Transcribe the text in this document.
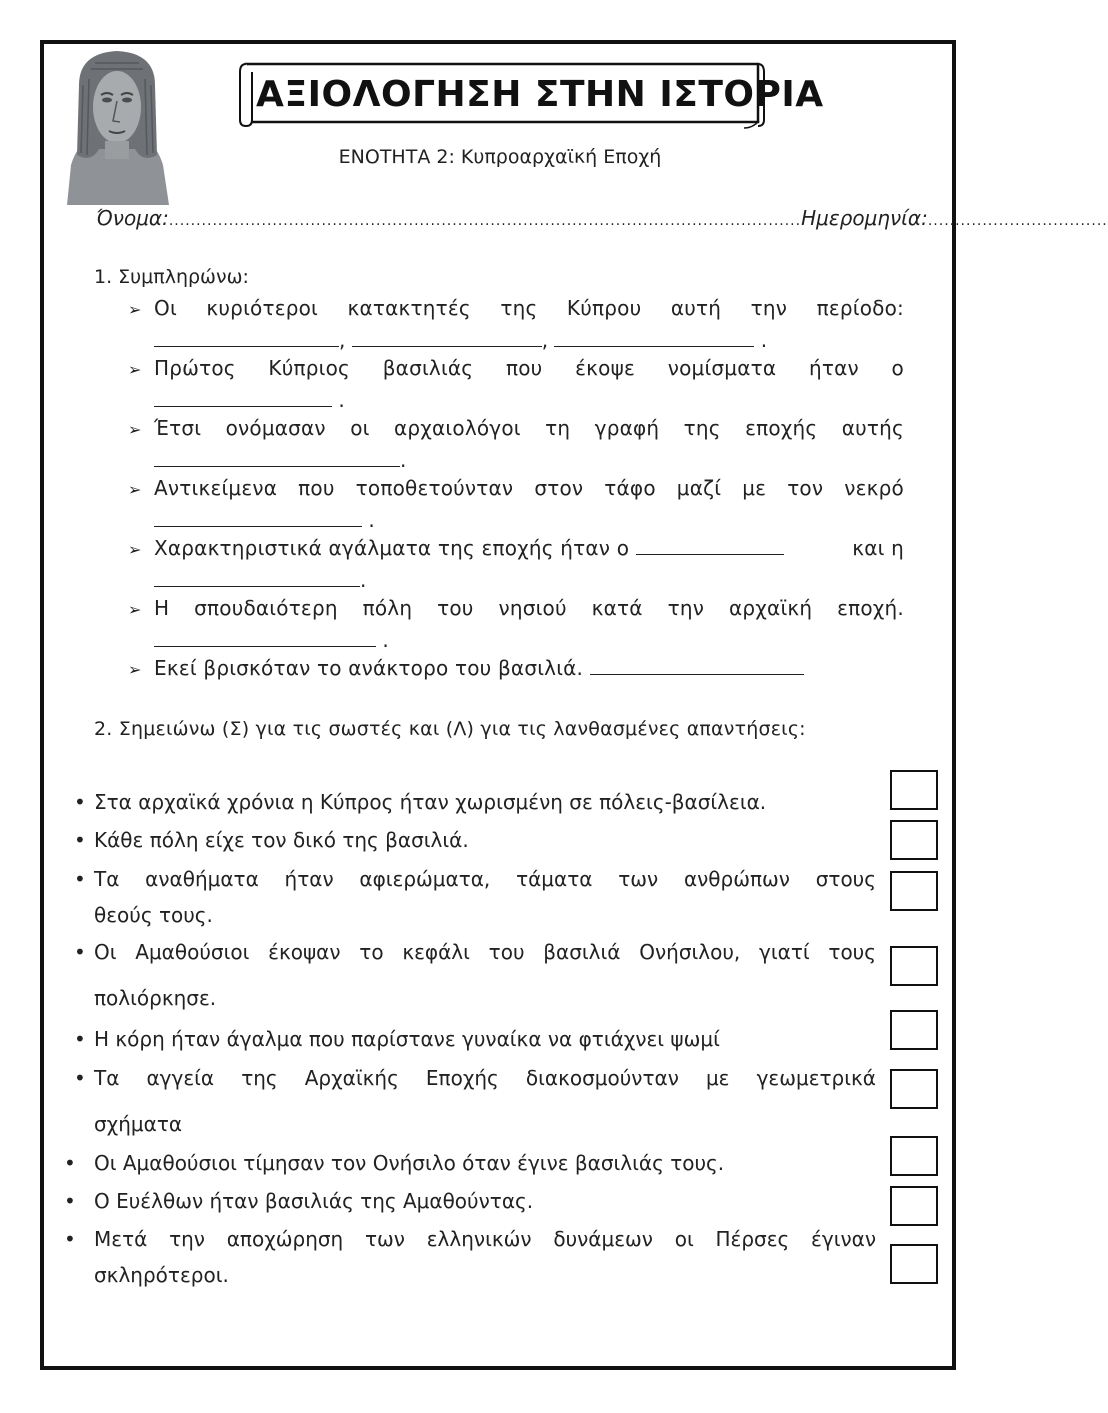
ΑΞΙΟΛΟΓΗΣΗ ΣΤΗΝ ΙΣΤΟΡΙΑ
ΕΝΟΤΗΤΑ 2: Κυπροαρχαϊκή Εποχή
Όνομα:....................................................................................................................Ημερομηνία:.................................
1. Συμπληρώνω:
➢ Οι κυριότεροι κατακτητές της Κύπρου αυτή την περίοδο:
,	,	.
➢ Πρώτος Κύπριος βασιλιάς που έκοψε νομίσματα ήταν ο
.
➢ Έτσι ονόμασαν οι αρχαιολόγοι τη γραφή της εποχής αυτής
.
➢ Αντικείμενα που τοποθετούνταν στον τάφο μαζί με τον νεκρό
.
➢ Χαρακτηριστικά αγάλματα της εποχής ήταν ο	και η
.
➢ Η σπουδαιότερη πόλη του νησιού κατά την αρχαϊκή εποχή.
.
➢ Εκεί βρισκόταν το ανάκτορο του βασιλιά.
2. Σημειώνω (Σ) για τις σωστές και (Λ) για τις λανθασμένες απαντήσεις:
• Στα αρχαϊκά χρόνια η Κύπρος ήταν χωρισμένη σε πόλεις-βασίλεια.
• Κάθε πόλη είχε τον δικό της βασιλιά.
• Τα αναθήματα ήταν αφιερώματα, τάματα των ανθρώπων στους
θεούς τους.
• Οι Αμαθούσιοι έκοψαν το κεφάλι του βασιλιά Ονήσιλου, γιατί τους
πολιόρκησε.
• Η κόρη ήταν άγαλμα που παρίστανε γυναίκα να φτιάχνει ψωμί
• Τα αγγεία της Αρχαϊκής Εποχής διακοσμούνταν με γεωμετρικά
σχήματα
• Οι Αμαθούσιοι τίμησαν τον Ονήσιλο όταν έγινε βασιλιάς τους.
• Ο Ευέλθων ήταν βασιλιάς της Αμαθούντας.
• Μετά την αποχώρηση των ελληνικών δυνάμεων οι Πέρσες έγιναν
σκληρότεροι.
